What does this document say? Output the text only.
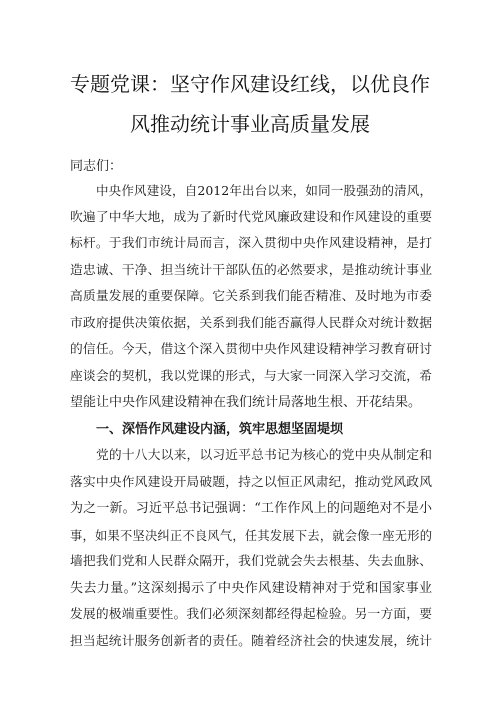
专题党课：坚守作风建设红线，以优良作
风推动统计事业高质量发展
同志们：
中央作风建设，自2012年出台以来，如同一股强劲的清风，
吹遍了中华大地，成为了新时代党风廉政建设和作风建设的重要
标杆。于我们市统计局而言，深入贯彻中央作风建设精神，是打
造忠诚、干净、担当统计干部队伍的必然要求，是推动统计事业
高质量发展的重要保障。它关系到我们能否精准、及时地为市委
市政府提供决策依据，关系到我们能否赢得人民群众对统计数据
的信任。今天，借这个深入贯彻中央作风建设精神学习教育研讨
座谈会的契机，我以党课的形式，与大家一同深入学习交流，希
望能让中央作风建设精神在我们统计局落地生根、开花结果。
一、深悟作风建设内涵，筑牢思想坚固堤坝
党的十八大以来，以习近平总书记为核心的党中央从制定和
落实中央作风建设开局破题，持之以恒正风肃纪，推动党风政风
为之一新。习近平总书记强调：“工作作风上的问题绝对不是小
事，如果不坚决纠正不良风气，任其发展下去，就会像一座无形的
墙把我们党和人民群众隔开，我们党就会失去根基、失去血脉、
失去力量。”这深刻揭示了中央作风建设精神对于党和国家事业
发展的极端重要性。我们必须深刻都经得起检验。另一方面，要
担当起统计服务创新者的责任。随着经济社会的快速发展，统计
